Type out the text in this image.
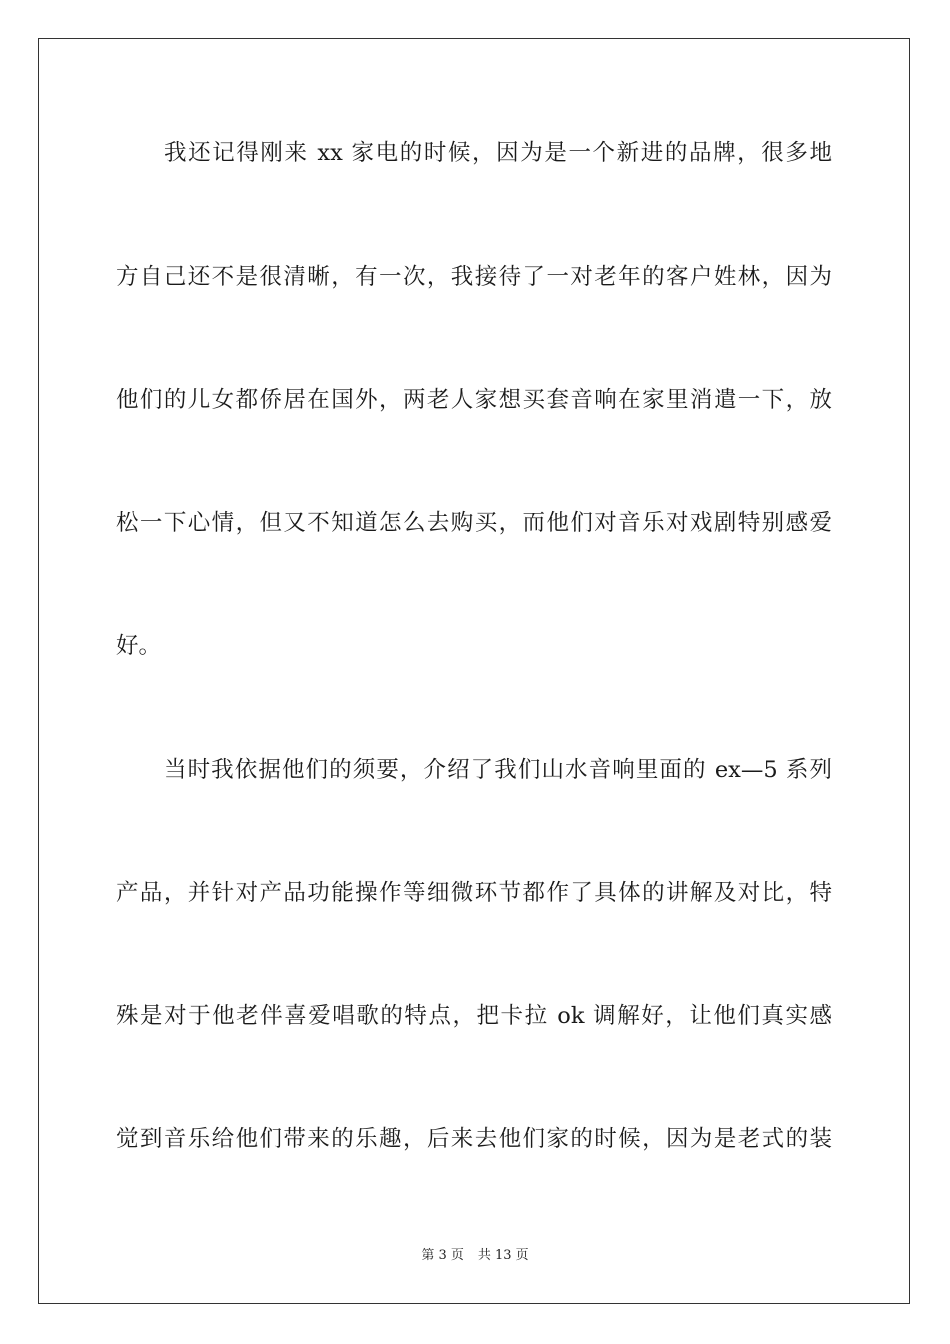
我还记得刚来 xx 家电的时候，因为是一个新进的品牌，很多地
方自己还不是很清晰，有一次，我接待了一对老年的客户姓林，因为
他们的儿女都侨居在国外，两老人家想买套音响在家里消遣一下，放
松一下心情，但又不知道怎么去购买，而他们对音乐对戏剧特别感爱
好。
当时我依据他们的须要，介绍了我们山水音响里面的 ex—5 系列
产品，并针对产品功能操作等细微环节都作了具体的讲解及对比，特
殊是对于他老伴喜爱唱歌的特点，把卡拉 ok 调解好，让他们真实感
觉到音乐给他们带来的乐趣，后来去他们家的时候，因为是老式的装
第 3 页 共 13 页
